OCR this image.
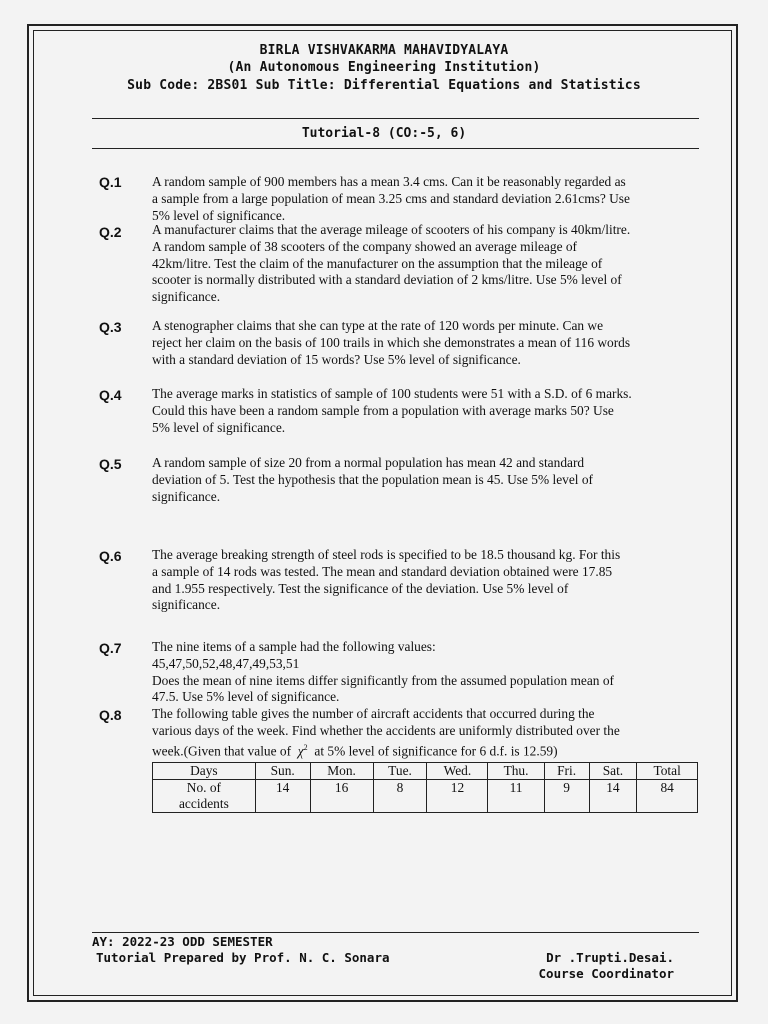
BIRLA VISHVAKARMA MAHAVIDYALAYA
(An Autonomous Engineering Institution)
Sub Code: 2BS01 Sub Title: Differential Equations and Statistics
Tutorial-8 (CO:-5, 6)
Q.1 A random sample of 900 members has a mean 3.4 cms. Can it be reasonably regarded as
a sample from a large population of mean 3.25 cms and standard deviation 2.61cms? Use
5% level of significance.
Q.2 A manufacturer claims that the average mileage of scooters of his company is 40km/litre.
A random sample of 38 scooters of the company showed an average mileage of
42km/litre. Test the claim of the manufacturer on the assumption that the mileage of
scooter is normally distributed with a standard deviation of 2 kms/litre. Use 5% level of
significance.
Q.3 A stenographer claims that she can type at the rate of 120 words per minute. Can we
reject her claim on the basis of 100 trails in which she demonstrates a mean of 116 words
with a standard deviation of 15 words? Use 5% level of significance.
Q.4 The average marks in statistics of sample of 100 students were 51 with a S.D. of 6 marks.
Could this have been a random sample from a population with average marks 50? Use
5% level of significance.
Q.5 A random sample of size 20 from a normal population has mean 42 and standard
deviation of 5. Test the hypothesis that the population mean is 45. Use 5% level of
significance.
Q.6 The average breaking strength of steel rods is specified to be 18.5 thousand kg. For this
a sample of 14 rods was tested. The mean and standard deviation obtained were 17.85
and 1.955 respectively. Test the significance of the deviation. Use 5% level of
significance.
Q.7 The nine items of a sample had the following values:
45,47,50,52,48,47,49,53,51
Does the mean of nine items differ significantly from the assumed population mean of
47.5. Use 5% level of significance.
Q.8 The following table gives the number of aircraft accidents that occurred during the
various days of the week. Find whether the accidents are uniformly distributed over the
week.(Given that value of $\chi^2$ at 5% level of significance for 6 d.f. is 12.59)
Days	Sun.	Mon.	Tue.	Wed.	Thu.	Fri.	Sat.	Total
No. of
accidents	14	16	8	12	11	9	14	84
AY: 2022-23 ODD SEMESTER
Tutorial Prepared by Prof. N. C. Sonara	Dr .Trupti.Desai.
Course Coordinator
